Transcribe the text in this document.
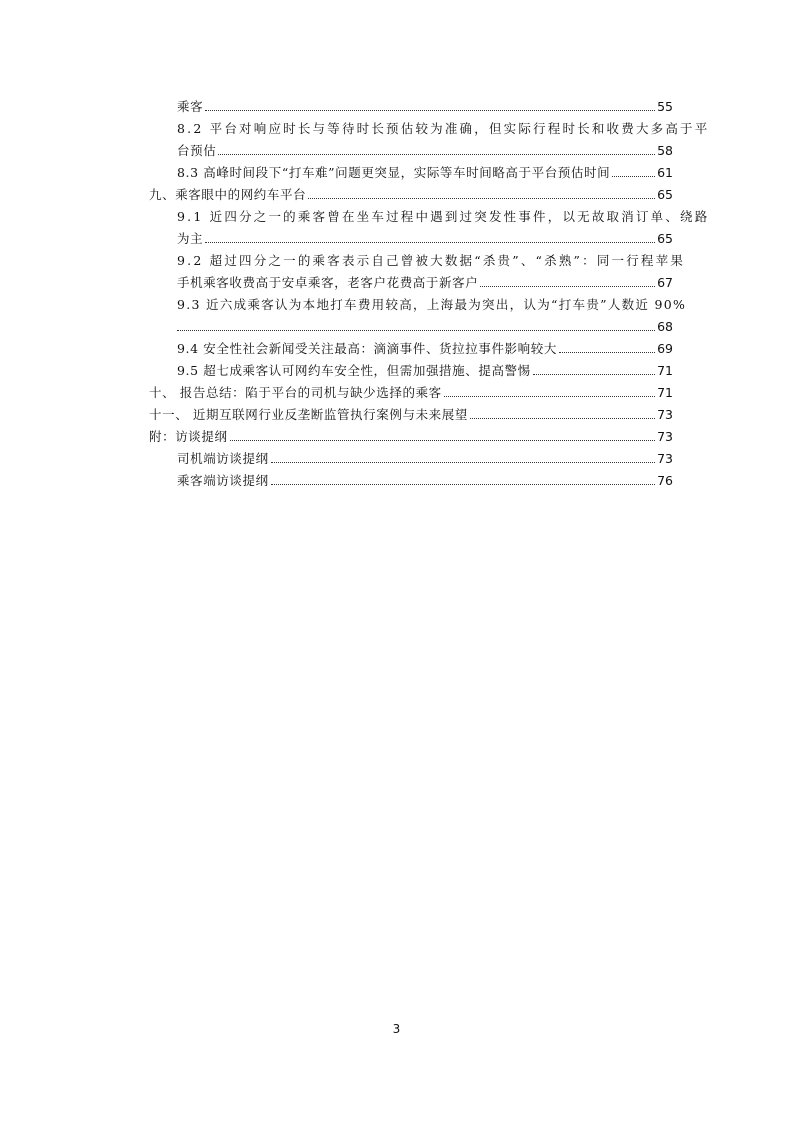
乘客	55
8.2 平台对响应时长与等待时长预估较为准确，但实际行程时长和收费大多高于平
台预估	58
8.3 高峰时间段下“打车难”问题更突显，实际等车时间略高于平台预估时间	61
九、乘客眼中的网约车平台	65
9.1 近四分之一的乘客曾在坐车过程中遇到过突发性事件，以无故取消订单、绕路
为主	65
9.2 超过四分之一的乘客表示自己曾被大数据“杀贵”、“杀熟”：同一行程苹果
手机乘客收费高于安卓乘客，老客户花费高于新客户	67
9.3 近六成乘客认为本地打车费用较高，上海最为突出，认为“打车贵”人数近 90%
68
9.4 安全性社会新闻受关注最高：滴滴事件、货拉拉事件影响较大	69
9.5 超七成乘客认可网约车安全性，但需加强措施、提高警惕	71
十、 报告总结：陷于平台的司机与缺少选择的乘客	71
十一、 近期互联网行业反垄断监管执行案例与未来展望	73
附：访谈提纲	73
司机端访谈提纲	73
乘客端访谈提纲	76
3
